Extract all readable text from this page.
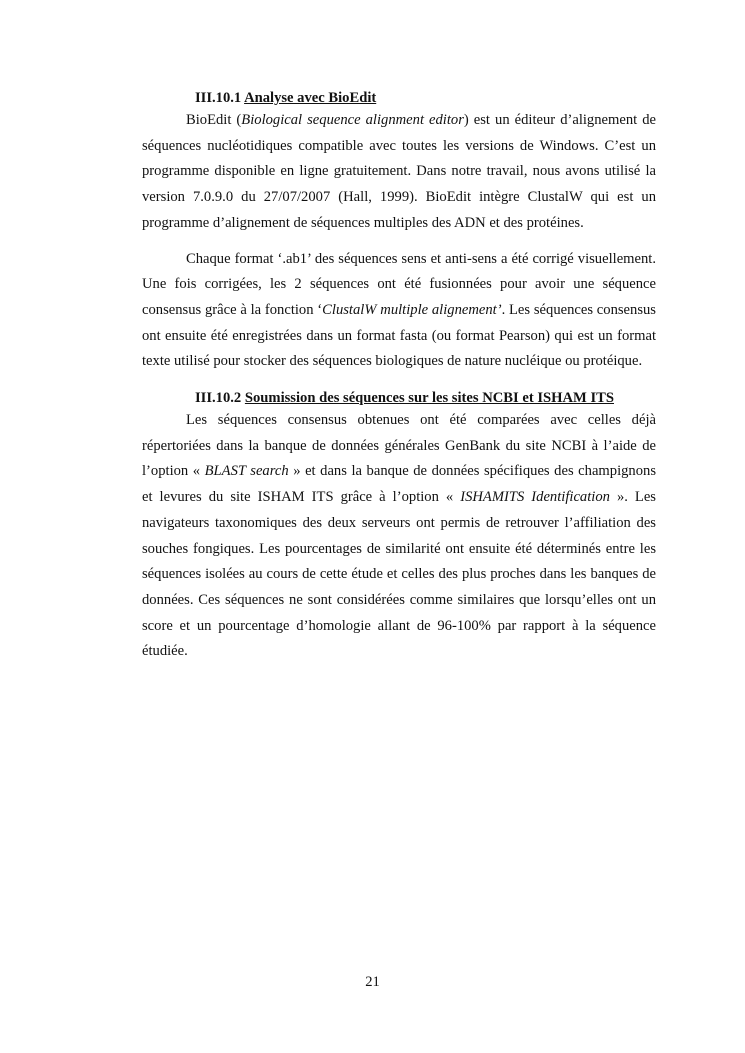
III.10.1 Analyse avec BioEdit

BioEdit (Biological sequence alignment editor) est un éditeur d’alignement de séquences nucléotidiques compatible avec toutes les versions de Windows. C’est un programme disponible en ligne gratuitement. Dans notre travail, nous avons utilisé la version 7.0.9.0 du 27/07/2007 (Hall, 1999). BioEdit intègre ClustalW qui est un programme d’alignement de séquences multiples des ADN et des protéines.

Chaque format ‘.ab1’ des séquences sens et anti-sens a été corrigé visuellement. Une fois corrigées, les 2 séquences ont été fusionnées pour avoir une séquence consensus grâce à la fonction ‘ClustalW multiple alignement’. Les séquences consensus ont ensuite été enregistrées dans un format fasta (ou format Pearson) qui est un format texte utilisé pour stocker des séquences biologiques de nature nucléique ou protéique.

III.10.2 Soumission des séquences sur les sites NCBI et ISHAM ITS

Les séquences consensus obtenues ont été comparées avec celles déjà répertoriées dans la banque de données générales GenBank du site NCBI à l’aide de l’option « BLAST search » et dans la banque de données spécifiques des champignons et levures du site ISHAM ITS grâce à l’option « ISHAMITS Identification ». Les navigateurs taxonomiques des deux serveurs ont permis de retrouver l’affiliation des souches fongiques. Les pourcentages de similarité ont ensuite été déterminés entre les séquences isolées au cours de cette étude et celles des plus proches dans les banques de données. Ces séquences ne sont considérées comme similaires que lorsqu’elles ont un score et un pourcentage d’homologie allant de 96-100% par rapport à la séquence étudiée.

21
